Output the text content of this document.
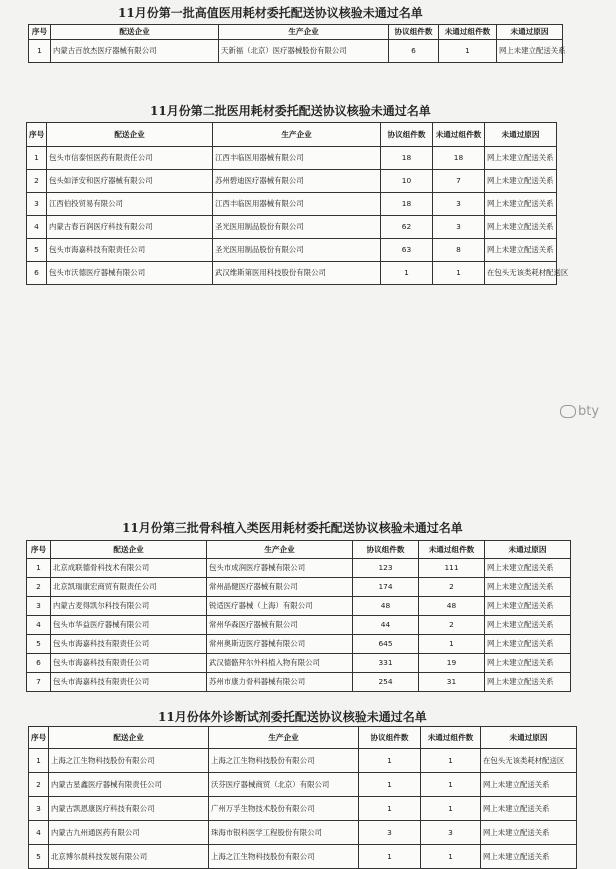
11月份第一批高值医用耗材委托配送协议核验未通过名单
序号	配送企业	生产企业	协议组件数	未通过组件数	未通过原因
1	内蒙古百放杰医疗器械有限公司	天新福（北京）医疗器械股份有限公司	6	1	网上未建立配送关系
11月份第二批医用耗材委托配送协议核验未通过名单
序号	配送企业	生产企业	协议组件数	未通过组件数	未通过原因
1	包头市信泰恒医药有限责任公司	江西丰临医用器械有限公司	18	18	网上未建立配送关系
2	包头如泽安和医疗器械有限公司	苏州碧迪医疗器械有限公司	10	7	网上未建立配送关系
3	江西伯投贸易有限公司	江西丰临医用器械有限公司	18	3	网上未建立配送关系
4	内蒙古春百润医疗科技有限公司	圣光医用制品股份有限公司	62	3	网上未建立配送关系
5	包头市海嘉科技有限责任公司	圣光医用制品股份有限公司	63	8	网上未建立配送关系
6	包头市沃德医疗器械有限公司	武汉维斯第医用科技股份有限公司	1	1	在包头无该类耗材配送区
bty
11月份第三批骨科植入类医用耗材委托配送协议核验未通过名单
序号	配送企业	生产企业	协议组件数	未通过组件数	未通过原因
1	北京成联德骨科技术有限公司	包头市成润医疗器械有限公司	123	111	网上未建立配送关系
2	北京凯瑞康宏商贸有限责任公司	常州晶健医疗器械有限公司	174	2	网上未建立配送关系
3	内蒙古麦得凯尔科技有限公司	锐适医疗器械（上海）有限公司	48	48	网上未建立配送关系
4	包头市华益医疗器械有限公司	常州华森医疗器械有限公司	44	2	网上未建立配送关系
5	包头市海嘉科技有限责任公司	常州奥斯迈医疗器械有限公司	645	1	网上未建立配送关系
6	包头市海嘉科技有限责任公司	武汉德骼拜尔外科植入物有限公司	331	19	网上未建立配送关系
7	包头市海嘉科技有限责任公司	苏州市康力骨科器械有限公司	254	31	网上未建立配送关系
11月份体外诊断试剂委托配送协议核验未通过名单
序号	配送企业	生产企业	协议组件数	未通过组件数	未通过原因
1	上海之江生物科技股份有限公司	上海之江生物科技股份有限公司	1	1	在包头无该类耗材配送区
2	内蒙古星鑫医疗器械有限责任公司	沃芬医疗器械商贸（北京）有限公司	1	1	网上未建立配送关系
3	内蒙古凯恩康医疗科技有限公司	广州万孚生物技术股份有限公司	1	1	网上未建立配送关系
4	内蒙古九州通医药有限公司	珠海市银科医学工程股份有限公司	3	3	网上未建立配送关系
5	北京博尔晨科技发展有限公司	上海之江生物科技股份有限公司	1	1	网上未建立配送关系
